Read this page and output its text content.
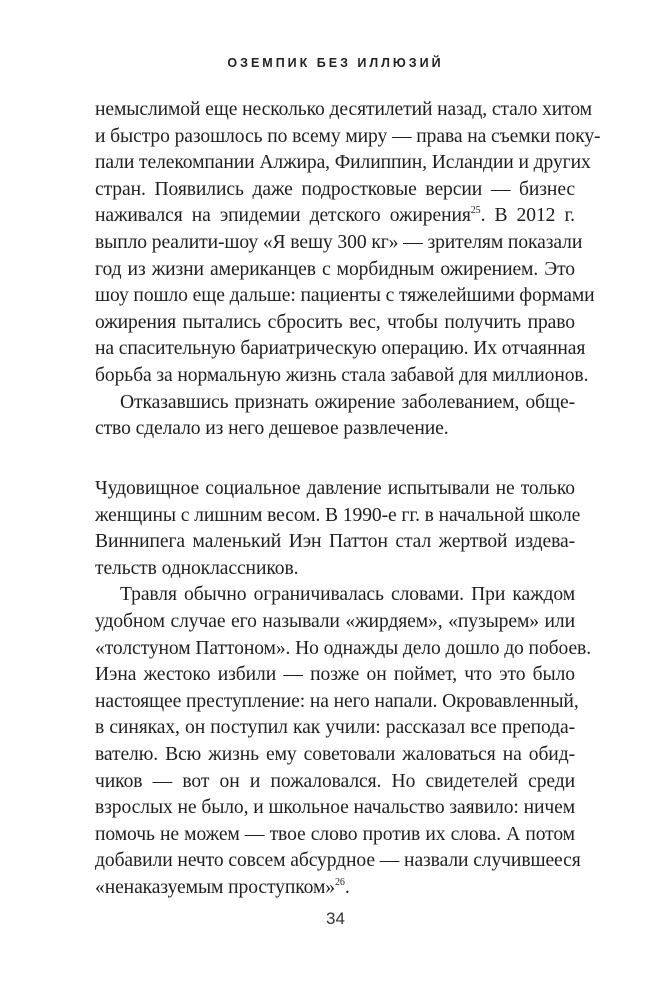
ОЗЕМПИК БЕЗ ИЛЛЮЗИЙ
немыслимой еще несколько десятилетий назад, стало хитом
и быстро разошлось по всему миру — права на съемки поку-
пали телекомпании Алжира, Филиппин, Исландии и других
стран. Появились даже подростковые версии — бизнес
наживался на эпидемии детского ожирения$^{25}$. В 2012 г.
выпло реалити-шоу «Я вешу 300 кг» — зрителям показали
год из жизни американцев с морбидным ожирением. Это
шоу пошло еще дальше: пациенты с тяжелейшими формами
ожирения пытались сбросить вес, чтобы получить право
на спасительную бариатрическую операцию. Их отчаянная
борьба за нормальную жизнь стала забавой для миллионов.
Отказавшись признать ожирение заболеванием, обще-
ство сделало из него дешевое развлечение.
Чудовищное социальное давление испытывали не только
женщины с лишним весом. В 1990-е гг. в начальной школе
Виннипега маленький Иэн Паттон стал жертвой издева-
тельств одноклассников.
Травля обычно ограничивалась словами. При каждом
удобном случае его называли «жирдяем», «пузырем» или
«толстуном Паттоном». Но однажды дело дошло до побоев.
Иэна жестоко избили — позже он поймет, что это было
настоящее преступление: на него напали. Окровавленный,
в синяках, он поступил как учили: рассказал все препода-
вателю. Всю жизнь ему советовали жаловаться на обид-
чиков — вот он и пожаловался. Но свидетелей среди
взрослых не было, и школьное начальство заявило: ничем
помочь не можем — твое слово против их слова. А потом
добавили нечто совсем абсурдное — назвали случившееся
«ненаказуемым проступком»$^{26}$.
34
